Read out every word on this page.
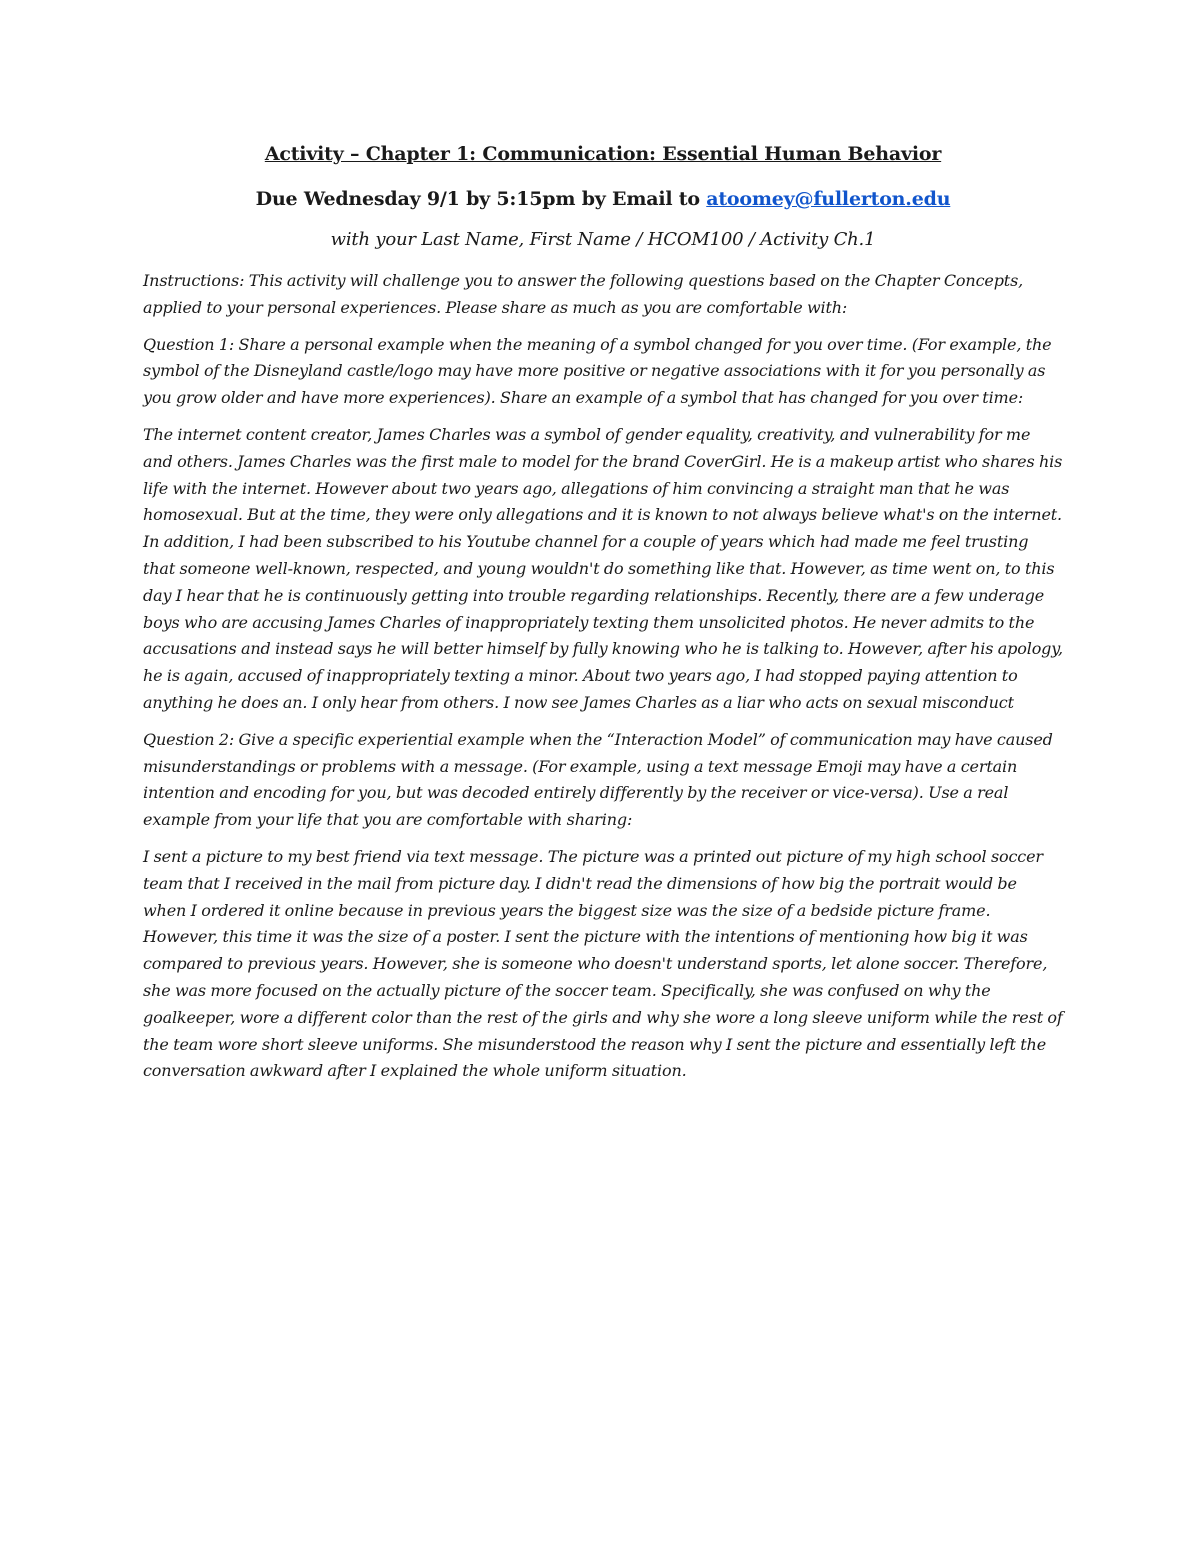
Activity – Chapter 1: Communication: Essential Human Behavior
Due Wednesday 9/1 by 5:15pm by Email to atoomey@fullerton.edu
with your Last Name, First Name / HCOM100 / Activity Ch.1

Instructions: This activity will challenge you to answer the following questions based on the Chapter Concepts, applied to your personal experiences. Please share as much as you are comfortable with:

Question 1: Share a personal example when the meaning of a symbol changed for you over time. (For example, the symbol of the Disneyland castle/logo may have more positive or negative associations with it for you personally as you grow older and have more experiences). Share an example of a symbol that has changed for you over time:

The internet content creator, James Charles was a symbol of gender equality, creativity, and vulnerability for me and others. James Charles was the first male to model for the brand CoverGirl. He is a makeup artist who shares his life with the internet. However about two years ago, allegations of him convincing a straight man that he was homosexual. But at the time, they were only allegations and it is known to not always believe what's on the internet. In addition, I had been subscribed to his Youtube channel for a couple of years which had made me feel trusting that someone well-known, respected, and young wouldn't do something like that. However, as time went on, to this day I hear that he is continuously getting into trouble regarding relationships. Recently, there are a few underage boys who are accusing James Charles of inappropriately texting them unsolicited photos. He never admits to the accusations and instead says he will better himself by fully knowing who he is talking to. However, after his apology, he is again, accused of inappropriately texting a minor. About two years ago, I had stopped paying attention to anything he does an. I only hear from others. I now see James Charles as a liar who acts on sexual misconduct

Question 2: Give a specific experiential example when the “Interaction Model” of communication may have caused misunderstandings or problems with a message. (For example, using a text message Emoji may have a certain intention and encoding for you, but was decoded entirely differently by the receiver or vice-versa). Use a real example from your life that you are comfortable with sharing:

I sent a picture to my best friend via text message. The picture was a printed out picture of my high school soccer team that I received in the mail from picture day. I didn't read the dimensions of how big the portrait would be when I ordered it online because in previous years the biggest size was the size of a bedside picture frame. However, this time it was the size of a poster. I sent the picture with the intentions of mentioning how big it was compared to previous years. However, she is someone who doesn't understand sports, let alone soccer. Therefore, she was more focused on the actually picture of the soccer team. Specifically, she was confused on why the goalkeeper, wore a different color than the rest of the girls and why she wore a long sleeve uniform while the rest of the team wore short sleeve uniforms. She misunderstood the reason why I sent the picture and essentially left the conversation awkward after I explained the whole uniform situation.
